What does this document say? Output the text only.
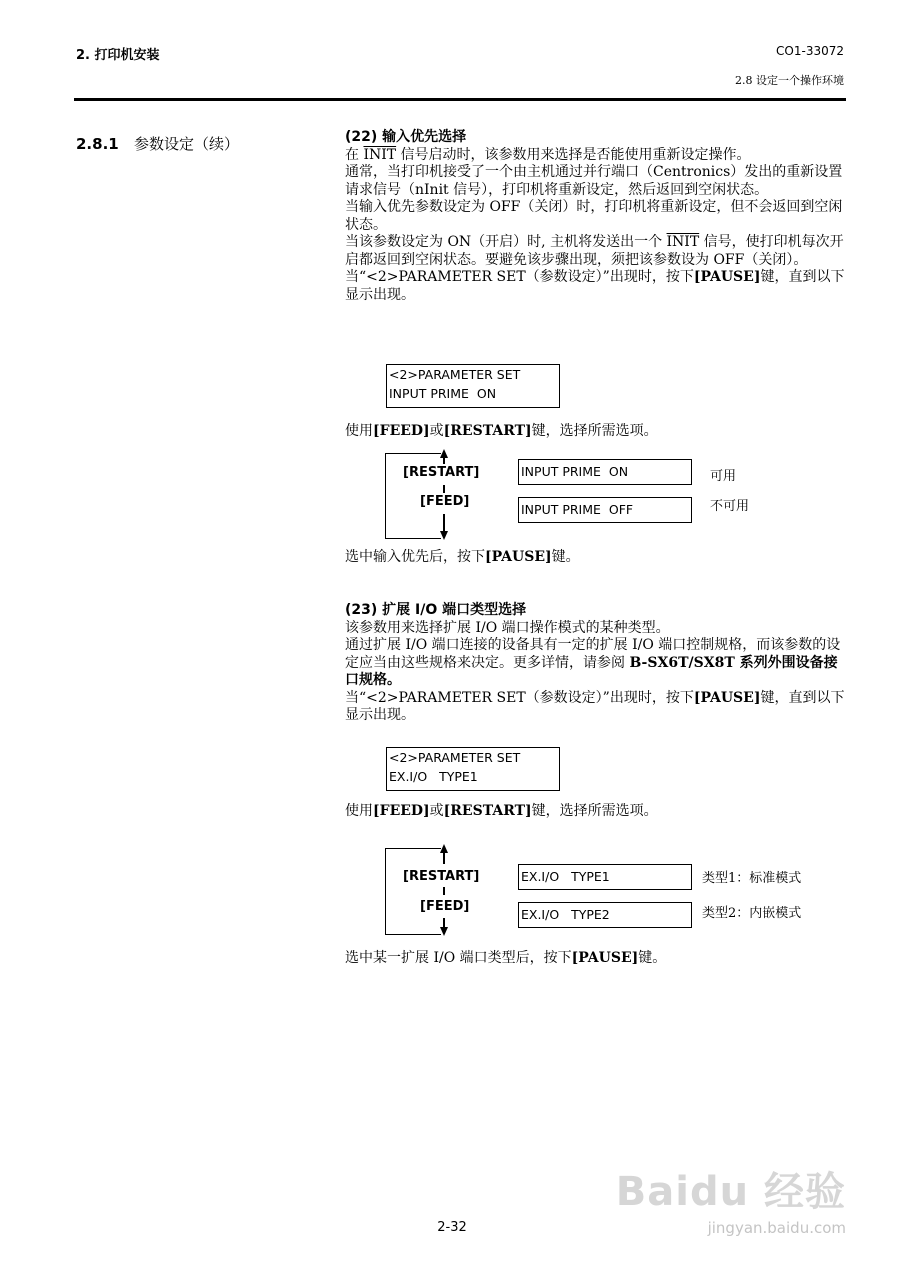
2. 打印机安装	CO1-33072
2.8 设定一个操作环境
2.8.1 参数设定（续）	(22) 输入优先选择

在 INIT 信号启动时，该参数用来选择是否能使用重新设定操作。

通常，当打印机接受了一个由主机通过并行端口（Centronics）发出的重新设置请求信号（nInit 信号），打印机将重新设定，然后返回到空闲状态。

当输入优先参数设定为 OFF（关闭）时，打印机将重新设定，但不会返回到空闲状态。

当该参数设定为 ON（开启）时, 主机将发送出一个 INIT 信号，使打印机每次开启都返回到空闲状态。要避免该步骤出现，须把该参数设为 OFF（关闭）。

当“<2>PARAMETER SET（参数设定）”出现时，按下[PAUSE]键，直到以下显示出现。

<2>PARAMETER SET
INPUT PRIME  ON
使用[FEED]或[RESTART]键，选择所需选项。
[RESTART]
[FEED]
INPUT PRIME  ON
INPUT PRIME  OFF
可用
不可用
选中输入优先后，按下[PAUSE]键。

(23) 扩展 I/O 端口类型选择

该参数用来选择扩展 I/O 端口操作模式的某种类型。

通过扩展 I/O 端口连接的设备具有一定的扩展 I/O 端口控制规格，而该参数的设定应当由这些规格来决定。更多详情，请参阅 B-SX6T/SX8T 系列外围设备接口规格。

当“<2>PARAMETER SET（参数设定）”出现时，按下[PAUSE]键，直到以下显示出现。

<2>PARAMETER SET
EX.I/O   TYPE1
使用[FEED]或[RESTART]键，选择所需选项。
[RESTART]
[FEED]
EX.I/O   TYPE1
EX.I/O   TYPE2
类型1：标准模式
类型2：内嵌模式
选中某一扩展 I/O 端口类型后，按下[PAUSE]键。
Baidu 经验
jingyan.baidu.com
2-32
